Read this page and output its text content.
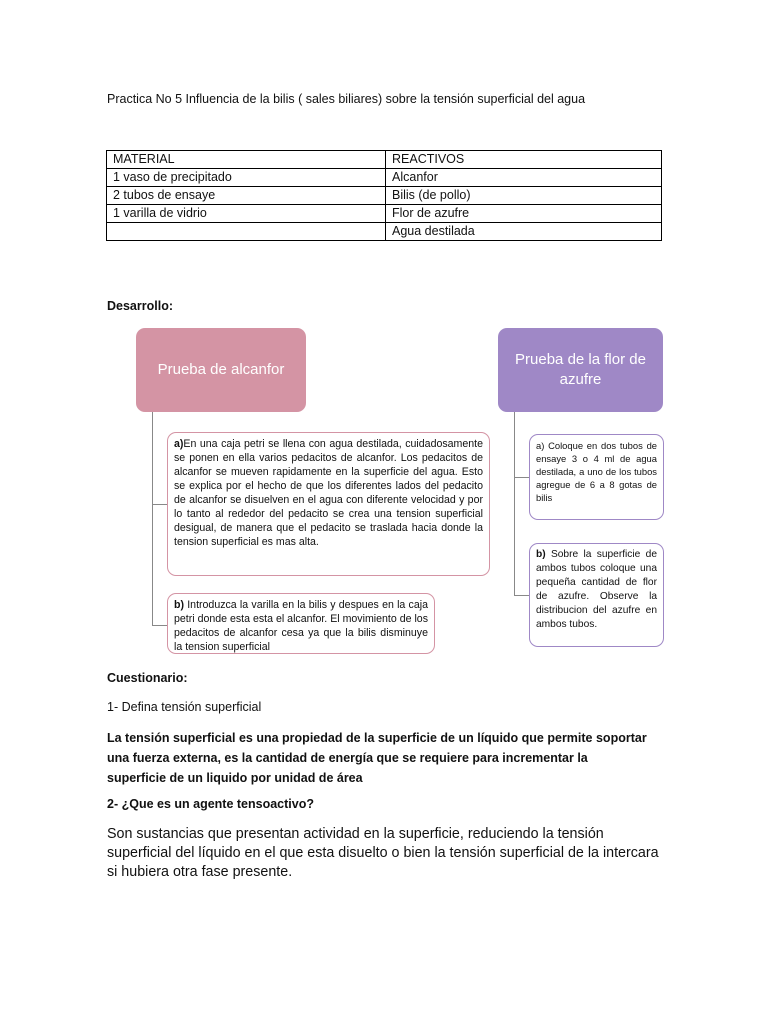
Practica No 5 Influencia de la bilis ( sales biliares) sobre la tensión superficial del agua
MATERIAL	REACTIVOS
1 vaso de precipitado	Alcanfor
2 tubos de ensaye	Bilis (de pollo)
1 varilla de vidrio	Flor de azufre
	Agua destilada
Desarrollo:
Prueba de alcanfor
Prueba de la flor de azufre
a)En una caja petri se llena con agua destilada, cuidadosamente se ponen en ella varios pedacitos de alcanfor. Los pedacitos de alcanfor se mueven rapidamente en la superficie del agua. Esto se explica por el hecho de que los diferentes lados del pedacito de alcanfor se disuelven en el agua con diferente velocidad y por lo tanto al rededor del pedacito se crea una tension superficial desigual, de manera que el pedacito se traslada hacia donde la tension superficial es mas alta.
b) Introduzca la varilla en la bilis y despues en la caja petri donde esta esta el alcanfor. El movimiento de los pedacitos de alcanfor cesa ya que la bilis disminuye la tension superficial
a) Coloque en dos tubos de ensaye 3 o 4 ml de agua destilada, a uno de los tubos agregue de 6 a 8 gotas de bilis
b) Sobre la superficie de ambos tubos coloque una pequeña cantidad de flor de azufre. Observe la distribucion del azufre en ambos tubos.
Cuestionario:
1- Defina tensión superficial
La tensión superficial es una propiedad de la superficie de un líquido que permite soportar una fuerza externa, es la cantidad de energía que se requiere para incrementar la superficie de un liquido por unidad de área
2- ¿Que es un agente tensoactivo?
Son sustancias que presentan actividad en la superficie, reduciendo la tensión superficial del líquido en el que esta disuelto o bien la tensión superficial de la intercara si hubiera otra fase presente.
